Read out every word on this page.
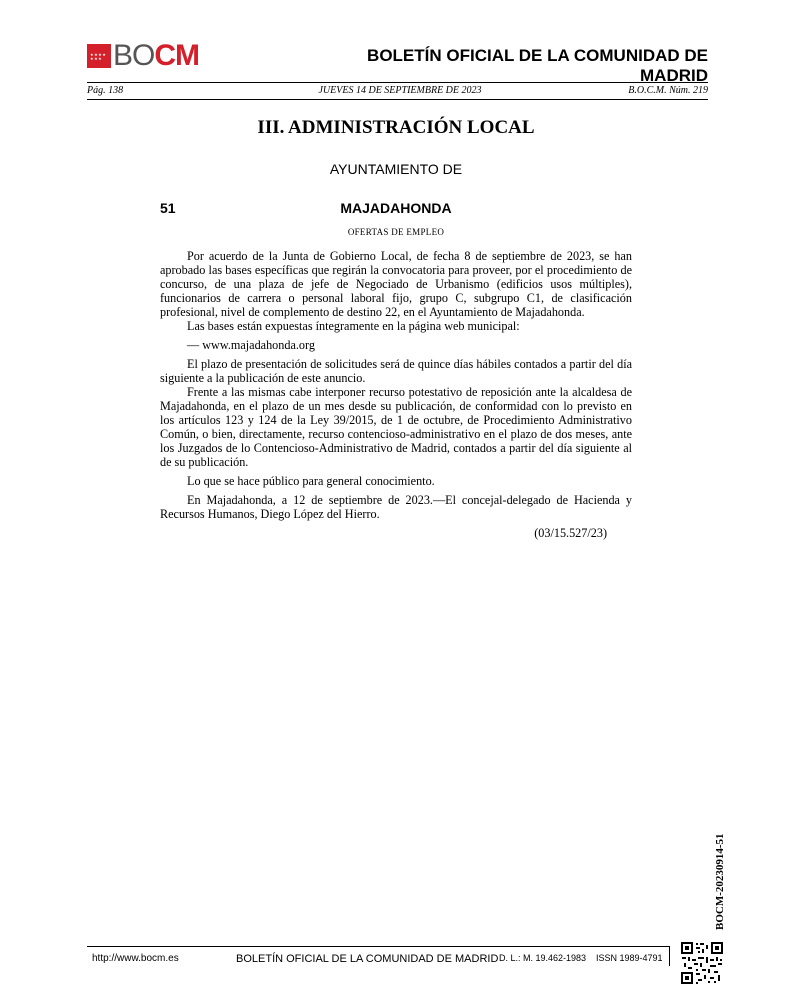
★★★★ ★★★ BOCM	BOLETÍN OFICIAL DE LA COMUNIDAD DE MADRID
Pág. 138	JUEVES 14 DE SEPTIEMBRE DE 2023	B.O.C.M. Núm. 219
III. ADMINISTRACIÓN LOCAL
AYUNTAMIENTO DE
51	MAJADAHONDA
OFERTAS DE EMPLEO

Por acuerdo de la Junta de Gobierno Local, de fecha 8 de septiembre de 2023, se han aprobado las bases específicas que regirán la convocatoria para proveer, por el procedimiento de concurso, de una plaza de jefe de Negociado de Urbanismo (edificios usos múltiples), funcionarios de carrera o personal laboral fijo, grupo C, subgrupo C1, de clasificación profesional, nivel de complemento de destino 22, en el Ayuntamiento de Majadahonda.

Las bases están expuestas íntegramente en la página web municipal:

— www.majadahonda.org

El plazo de presentación de solicitudes será de quince días hábiles contados a partir del día siguiente a la publicación de este anuncio.

Frente a las mismas cabe interponer recurso potestativo de reposición ante la alcaldesa de Majadahonda, en el plazo de un mes desde su publicación, de conformidad con lo previsto en los artículos 123 y 124 de la Ley 39/2015, de 1 de octubre, de Procedimiento Administrativo Común, o bien, directamente, recurso contencioso-administrativo en el plazo de dos meses, ante los Juzgados de lo Contencioso-Administrativo de Madrid, contados a partir del día siguiente al de su publicación.

Lo que se hace público para general conocimiento.

En Majadahonda, a 12 de septiembre de 2023.—El concejal-delegado de Hacienda y Recursos Humanos, Diego López del Hierro.

(03/15.527/23)

BOCM-20230914-51
http://www.bocm.es	BOLETÍN OFICIAL DE LA COMUNIDAD DE MADRID D. L.: M. 19.462-1983 ISSN 1989-4791
